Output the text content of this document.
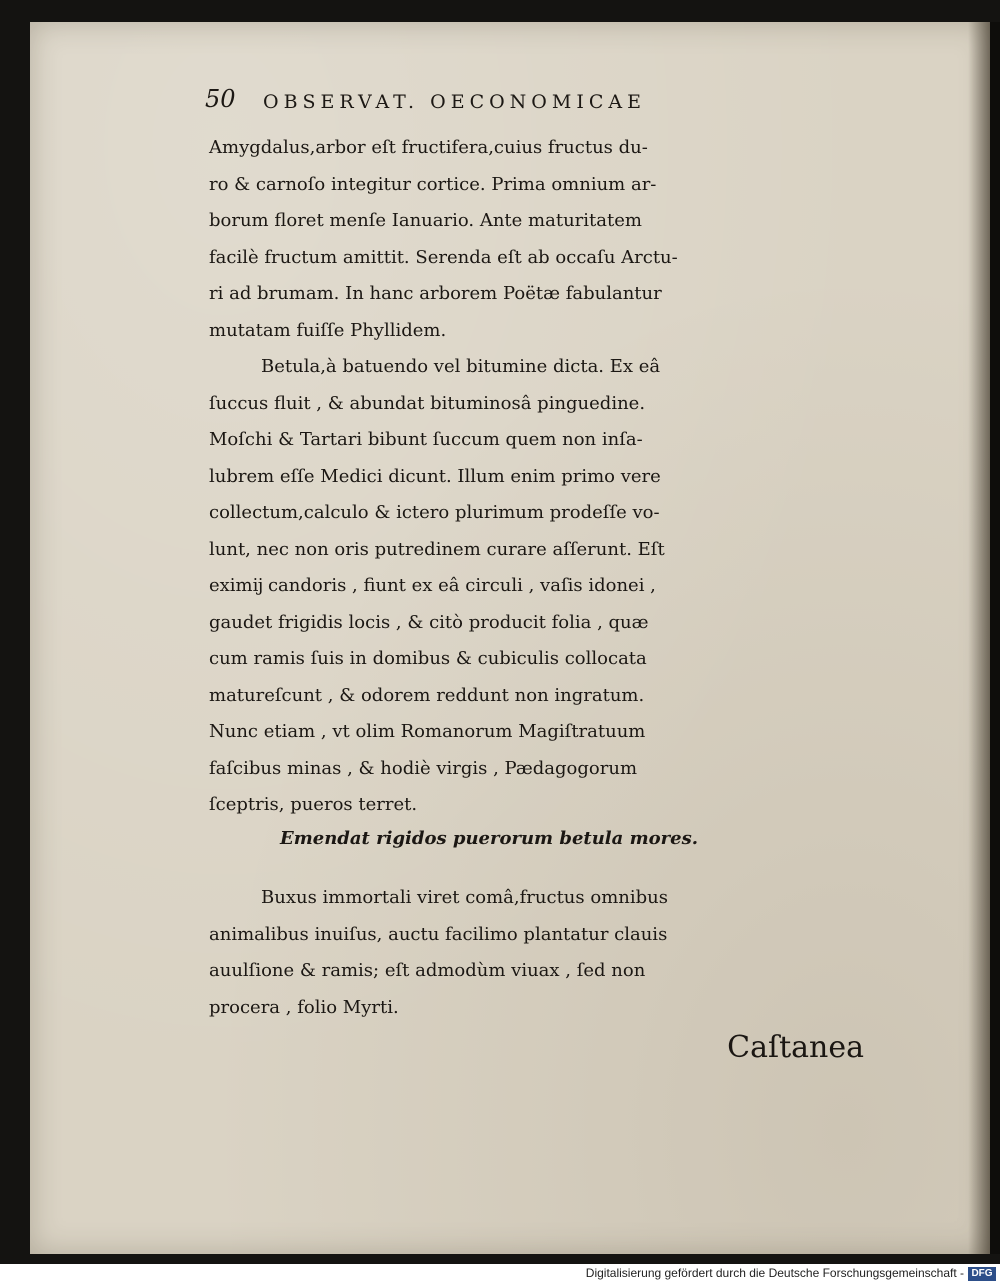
50 OBSERVAT. OECONOMICAE
Amygdalus,arbor eſt fructifera,cuius fructus du-
ro & carnoſo integitur cortice. Prima omnium ar-
borum floret menſe Ianuario. Ante maturitatem
facilè fructum amittit. Serenda eſt ab occaſu Arctu-
ri ad brumam. In hanc arborem Poëtæ fabulantur
mutatam fuiſſe Phyllidem.
Betula,à batuendo vel bitumine dicta. Ex eâ
ſuccus fluit , & abundat bituminosâ pinguedine.
Moſchi & Tartari bibunt ſuccum quem non inſa-
lubrem eſſe Medici dicunt. Illum enim primo vere
collectum,calculo & ictero plurimum prodeſſe vo-
lunt, nec non oris putredinem curare aſſerunt. Eſt
eximĳ candoris , fiunt ex eâ circuli , vaſis idonei ,
gaudet frigidis locis , & citò producit folia , quæ
cum ramis ſuis in domibus & cubiculis collocata
matureſcunt , & odorem reddunt non ingratum.
Nunc etiam , vt olim Romanorum Magiſtratuum
faſcibus minas , & hodiè virgis , Pædagogorum
ſceptris, pueros terret.
Emendat rigidos puerorum betula mores.
Buxus immortali viret comâ,fructus omnibus
animalibus inuiſus, auctu facilimo plantatur clauis
auulſione & ramis; eſt admodùm viuax , ſed non
procera , folio Myrti.
Caſtanea
Digitalisierung gefördert durch die Deutsche Forschungsgemeinschaft - DFG
